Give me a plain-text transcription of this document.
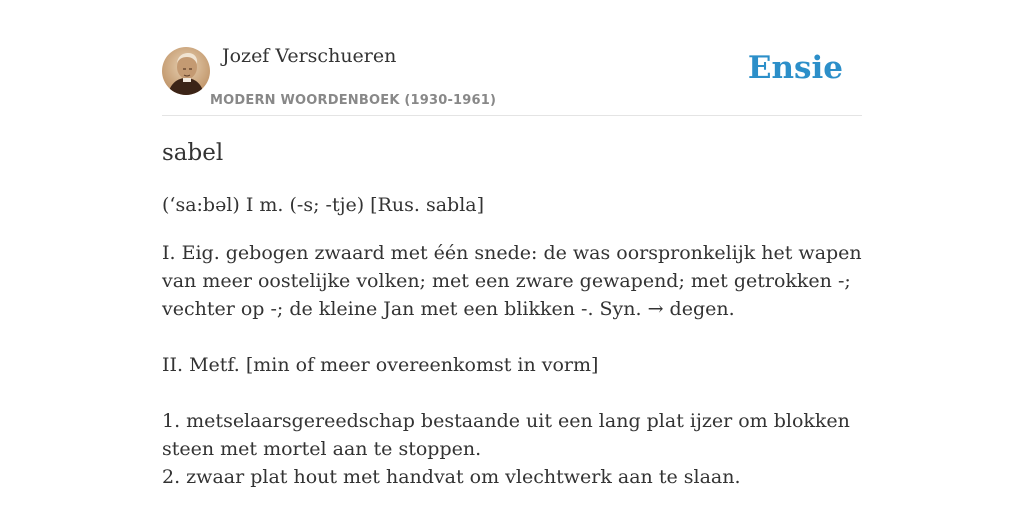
Jozef Verschueren
MODERN WOORDENBOEK (1930-1961)
Ensie
sabel
(‘sa:bəl) I m. (-s; -tje) [Rus. sabla]

I. Eig. gebogen zwaard met één snede: de was oorspronkelijk het wapen van meer oostelijke volken; met een zware gewapend; met getrokken -; vechter op -; de kleine Jan met een blikken -. Syn. → degen.

II. Metf. [min of meer overeenkomst in vorm]

1. metselaarsgereedschap bestaande uit een lang plat ijzer om blokken steen met mortel aan te stoppen.

2. zwaar plat hout met handvat om vlechtwerk aan te slaan.
